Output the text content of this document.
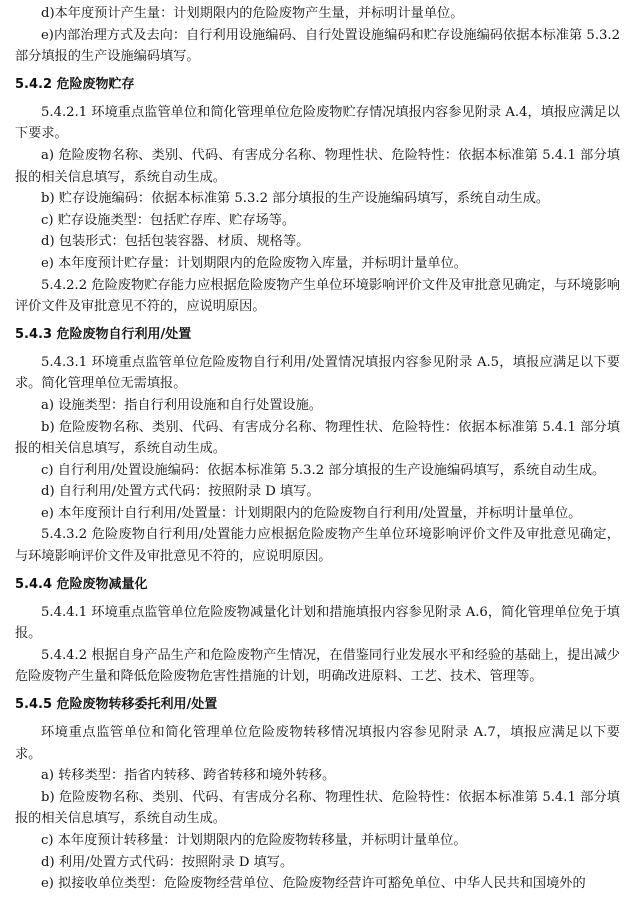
d)本年度预计产生量：计划期限内的危险废物产生量，并标明计量单位。

e)内部治理方式及去向：自行利用设施编码、自行处置设施编码和贮存设施编码依据本标准第 5.3.2 部分填报的生产设施编码填写。

5.4.2 危险废物贮存

5.4.2.1 环境重点监管单位和简化管理单位危险废物贮存情况填报内容参见附录 A.4，填报应满足以下要求。

a) 危险废物名称、类别、代码、有害成分名称、物理性状、危险特性：依据本标准第 5.4.1 部分填报的相关信息填写，系统自动生成。

b) 贮存设施编码：依据本标准第 5.3.2 部分填报的生产设施编码填写，系统自动生成。

c) 贮存设施类型：包括贮存库、贮存场等。

d) 包装形式：包括包装容器、材质、规格等。

e) 本年度预计贮存量：计划期限内的危险废物入库量，并标明计量单位。

5.4.2.2 危险废物贮存能力应根据危险废物产生单位环境影响评价文件及审批意见确定，与环境影响评价文件及审批意见不符的，应说明原因。

5.4.3 危险废物自行利用/处置

5.4.3.1 环境重点监管单位危险废物自行利用/处置情况填报内容参见附录 A.5，填报应满足以下要求。简化管理单位无需填报。

a) 设施类型：指自行利用设施和自行处置设施。

b) 危险废物名称、类别、代码、有害成分名称、物理性状、危险特性：依据本标准第 5.4.1 部分填报的相关信息填写，系统自动生成。

c) 自行利用/处置设施编码：依据本标准第 5.3.2 部分填报的生产设施编码填写，系统自动生成。

d) 自行利用/处置方式代码：按照附录 D 填写。

e) 本年度预计自行利用/处置量：计划期限内的危险废物自行利用/处置量，并标明计量单位。

5.4.3.2 危险废物自行利用/处置能力应根据危险废物产生单位环境影响评价文件及审批意见确定，与环境影响评价文件及审批意见不符的，应说明原因。

5.4.4 危险废物减量化

5.4.4.1 环境重点监管单位危险废物减量化计划和措施填报内容参见附录 A.6，简化管理单位免于填报。

5.4.4.2 根据自身产品生产和危险废物产生情况，在借鉴同行业发展水平和经验的基础上，提出减少危险废物产生量和降低危险废物危害性措施的计划，明确改进原料、工艺、技术、管理等。

5.4.5 危险废物转移委托利用/处置

环境重点监管单位和简化管理单位危险废物转移情况填报内容参见附录 A.7，填报应满足以下要求。

a) 转移类型：指省内转移、跨省转移和境外转移。

b) 危险废物名称、类别、代码、有害成分名称、物理性状、危险特性：依据本标准第 5.4.1 部分填报的相关信息填写，系统自动生成。

c) 本年度预计转移量：计划期限内的危险废物转移量，并标明计量单位。

d) 利用/处置方式代码：按照附录 D 填写。

e) 拟接收单位类型：危险废物经营单位、危险废物经营许可豁免单位、中华人民共和国境外的
